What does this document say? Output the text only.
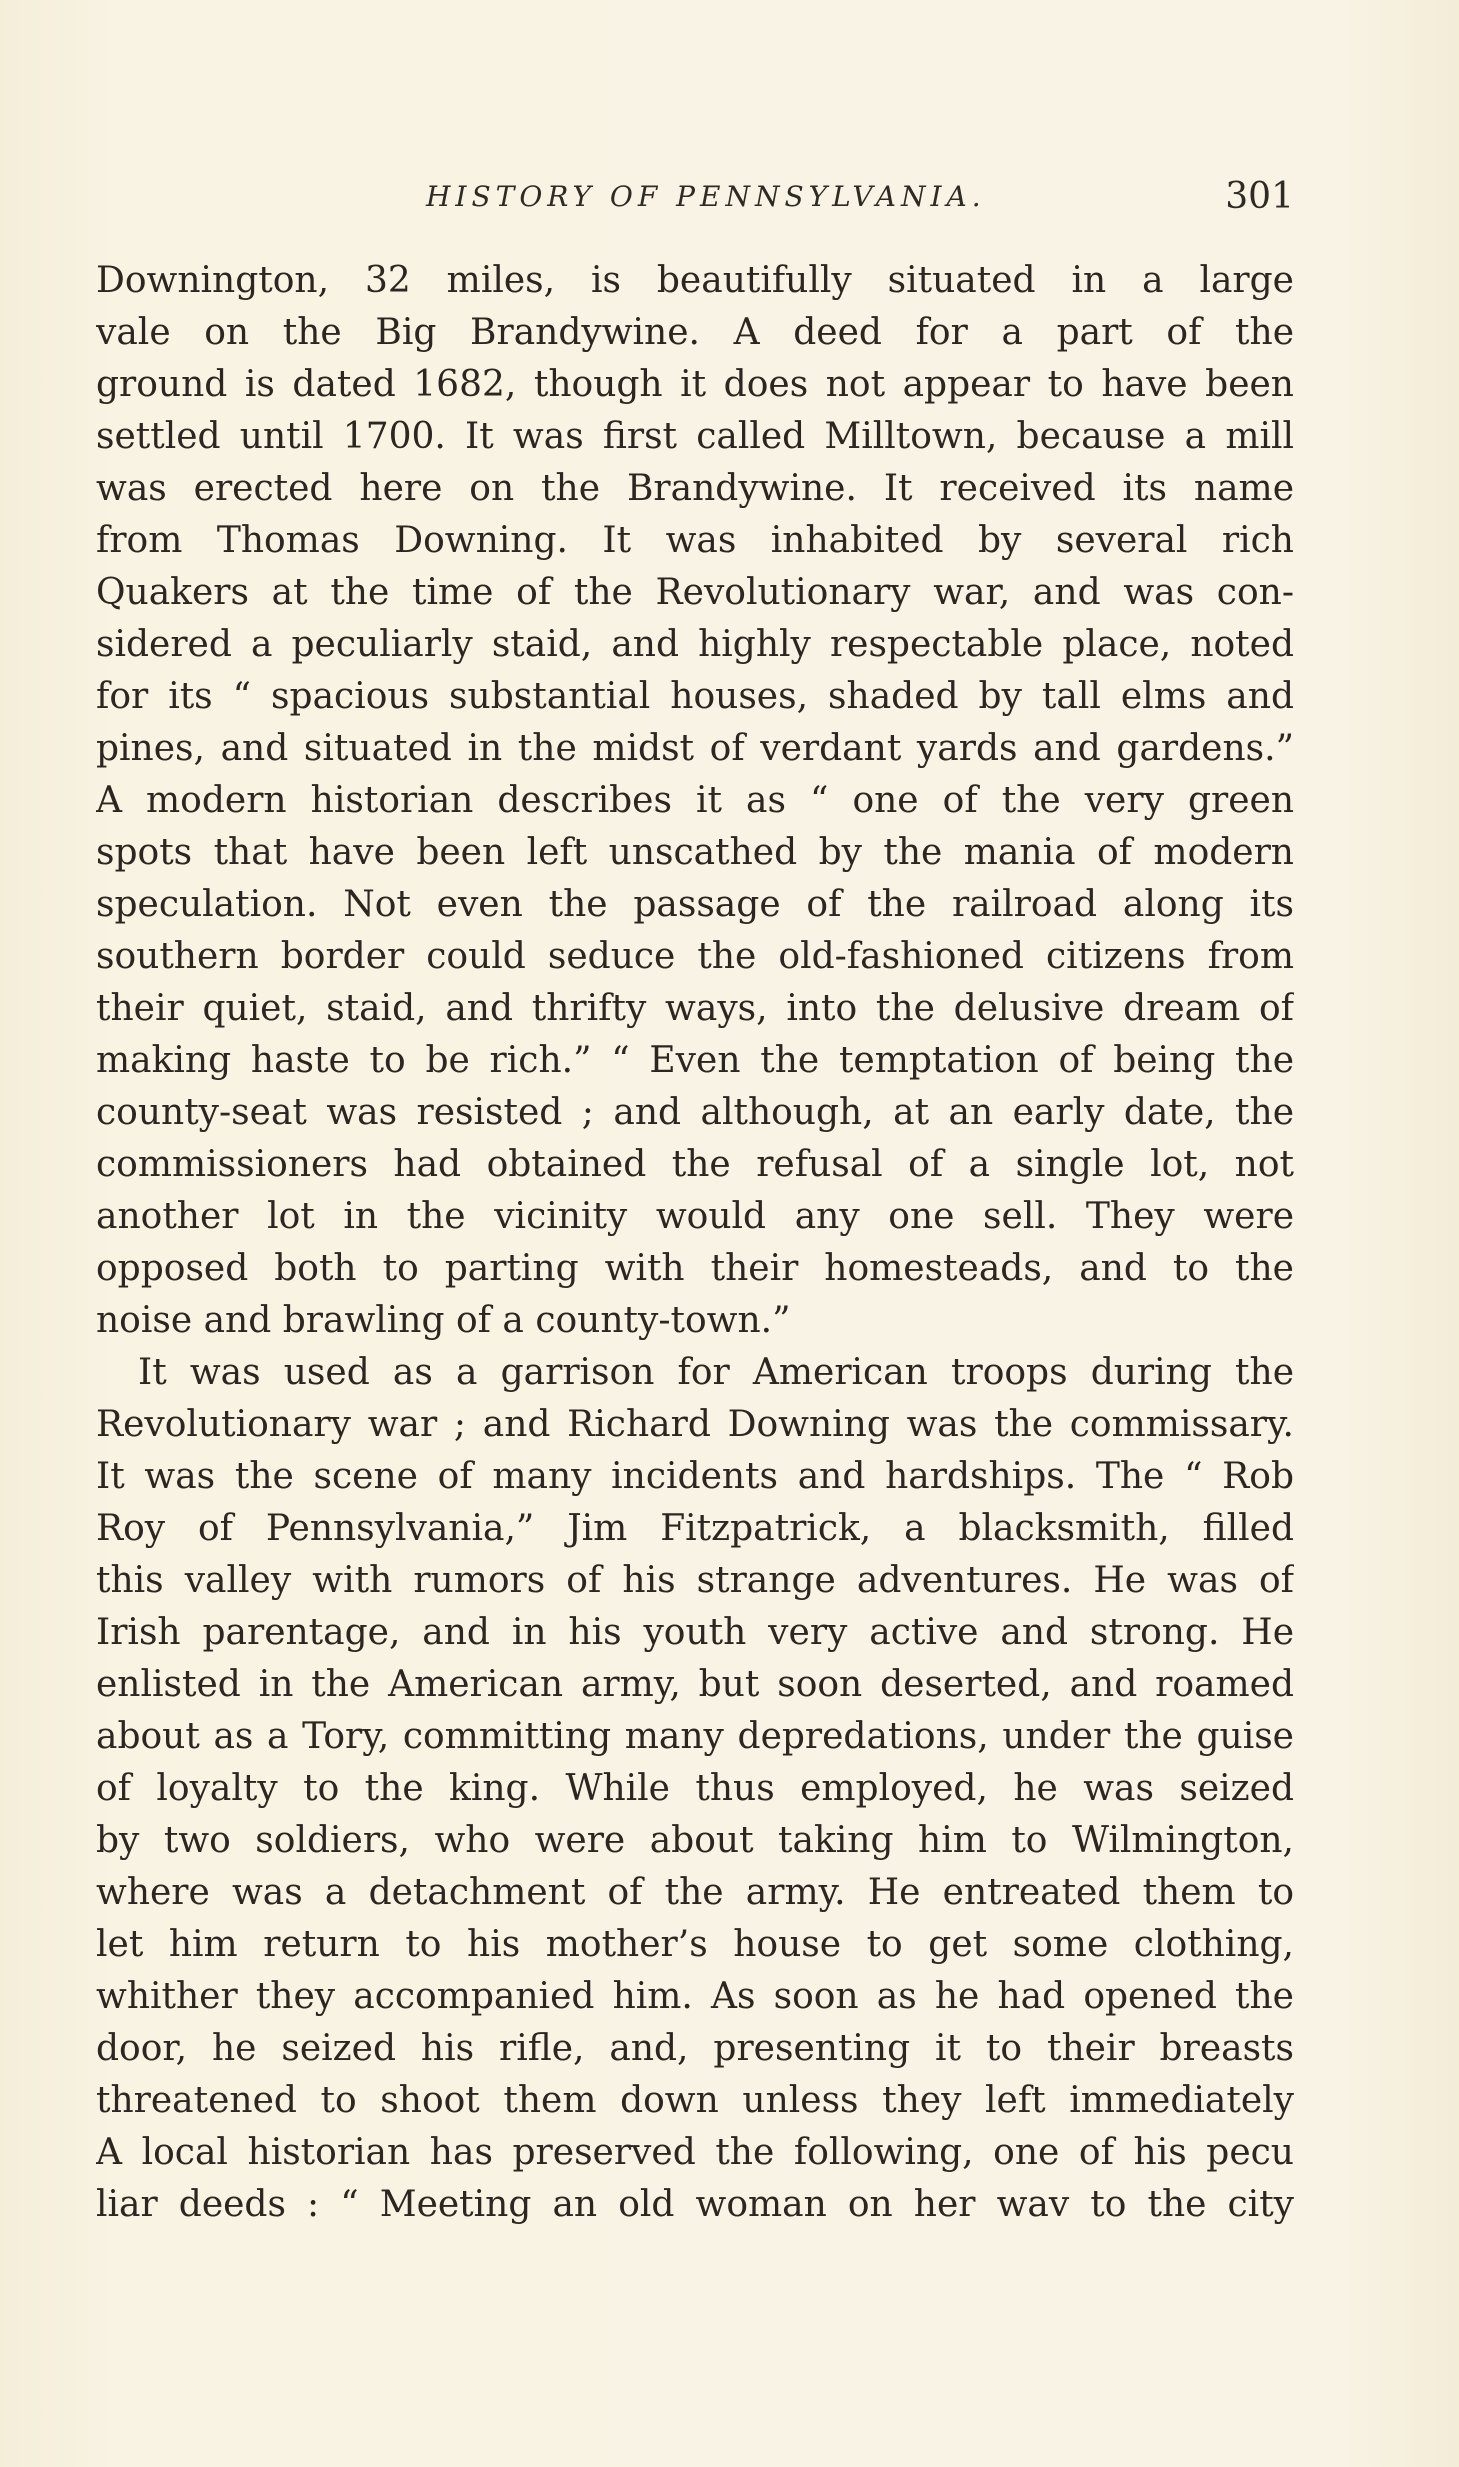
HISTORY OF PENNSYLVANIA.	301
Downington, 32 miles, is beautifully situated in a large
vale on the Big Brandywine. A deed for a part of the
ground is dated 1682, though it does not appear to have been
settled until 1700. It was first called Milltown, because a mill
was erected here on the Brandywine. It received its name
from Thomas Downing. It was inhabited by several rich
Quakers at the time of the Revolutionary war, and was con-
sidered a peculiarly staid, and highly respectable place, noted
for its “ spacious substantial houses, shaded by tall elms and
pines, and situated in the midst of verdant yards and gardens.”
A modern historian describes it as “ one of the very green
spots that have been left unscathed by the mania of modern
speculation. Not even the passage of the railroad along its
southern border could seduce the old-fashioned citizens from
their quiet, staid, and thrifty ways, into the delusive dream of
making haste to be rich.” “ Even the temptation of being the
county-seat was resisted ; and although, at an early date, the
commissioners had obtained the refusal of a single lot, not
another lot in the vicinity would any one sell. They were
opposed both to parting with their homesteads, and to the
noise and brawling of a county-town.”
It was used as a garrison for American troops during the
Revolutionary war ; and Richard Downing was the commissary.
It was the scene of many incidents and hardships. The “ Rob
Roy of Pennsylvania,” Jim Fitzpatrick, a blacksmith, filled
this valley with rumors of his strange adventures. He was of
Irish parentage, and in his youth very active and strong. He
enlisted in the American army, but soon deserted, and roamed
about as a Tory, committing many depredations, under the guise
of loyalty to the king. While thus employed, he was seized
by two soldiers, who were about taking him to Wilmington,
where was a detachment of the army. He entreated them to
let him return to his mother’s house to get some clothing,
whither they accompanied him. As soon as he had opened the
door, he seized his rifle, and, presenting it to their breasts
threatened to shoot them down unless they left immediately
A local historian has preserved the following, one of his pecu
liar deeds : “ Meeting an old woman on her wav to the city
